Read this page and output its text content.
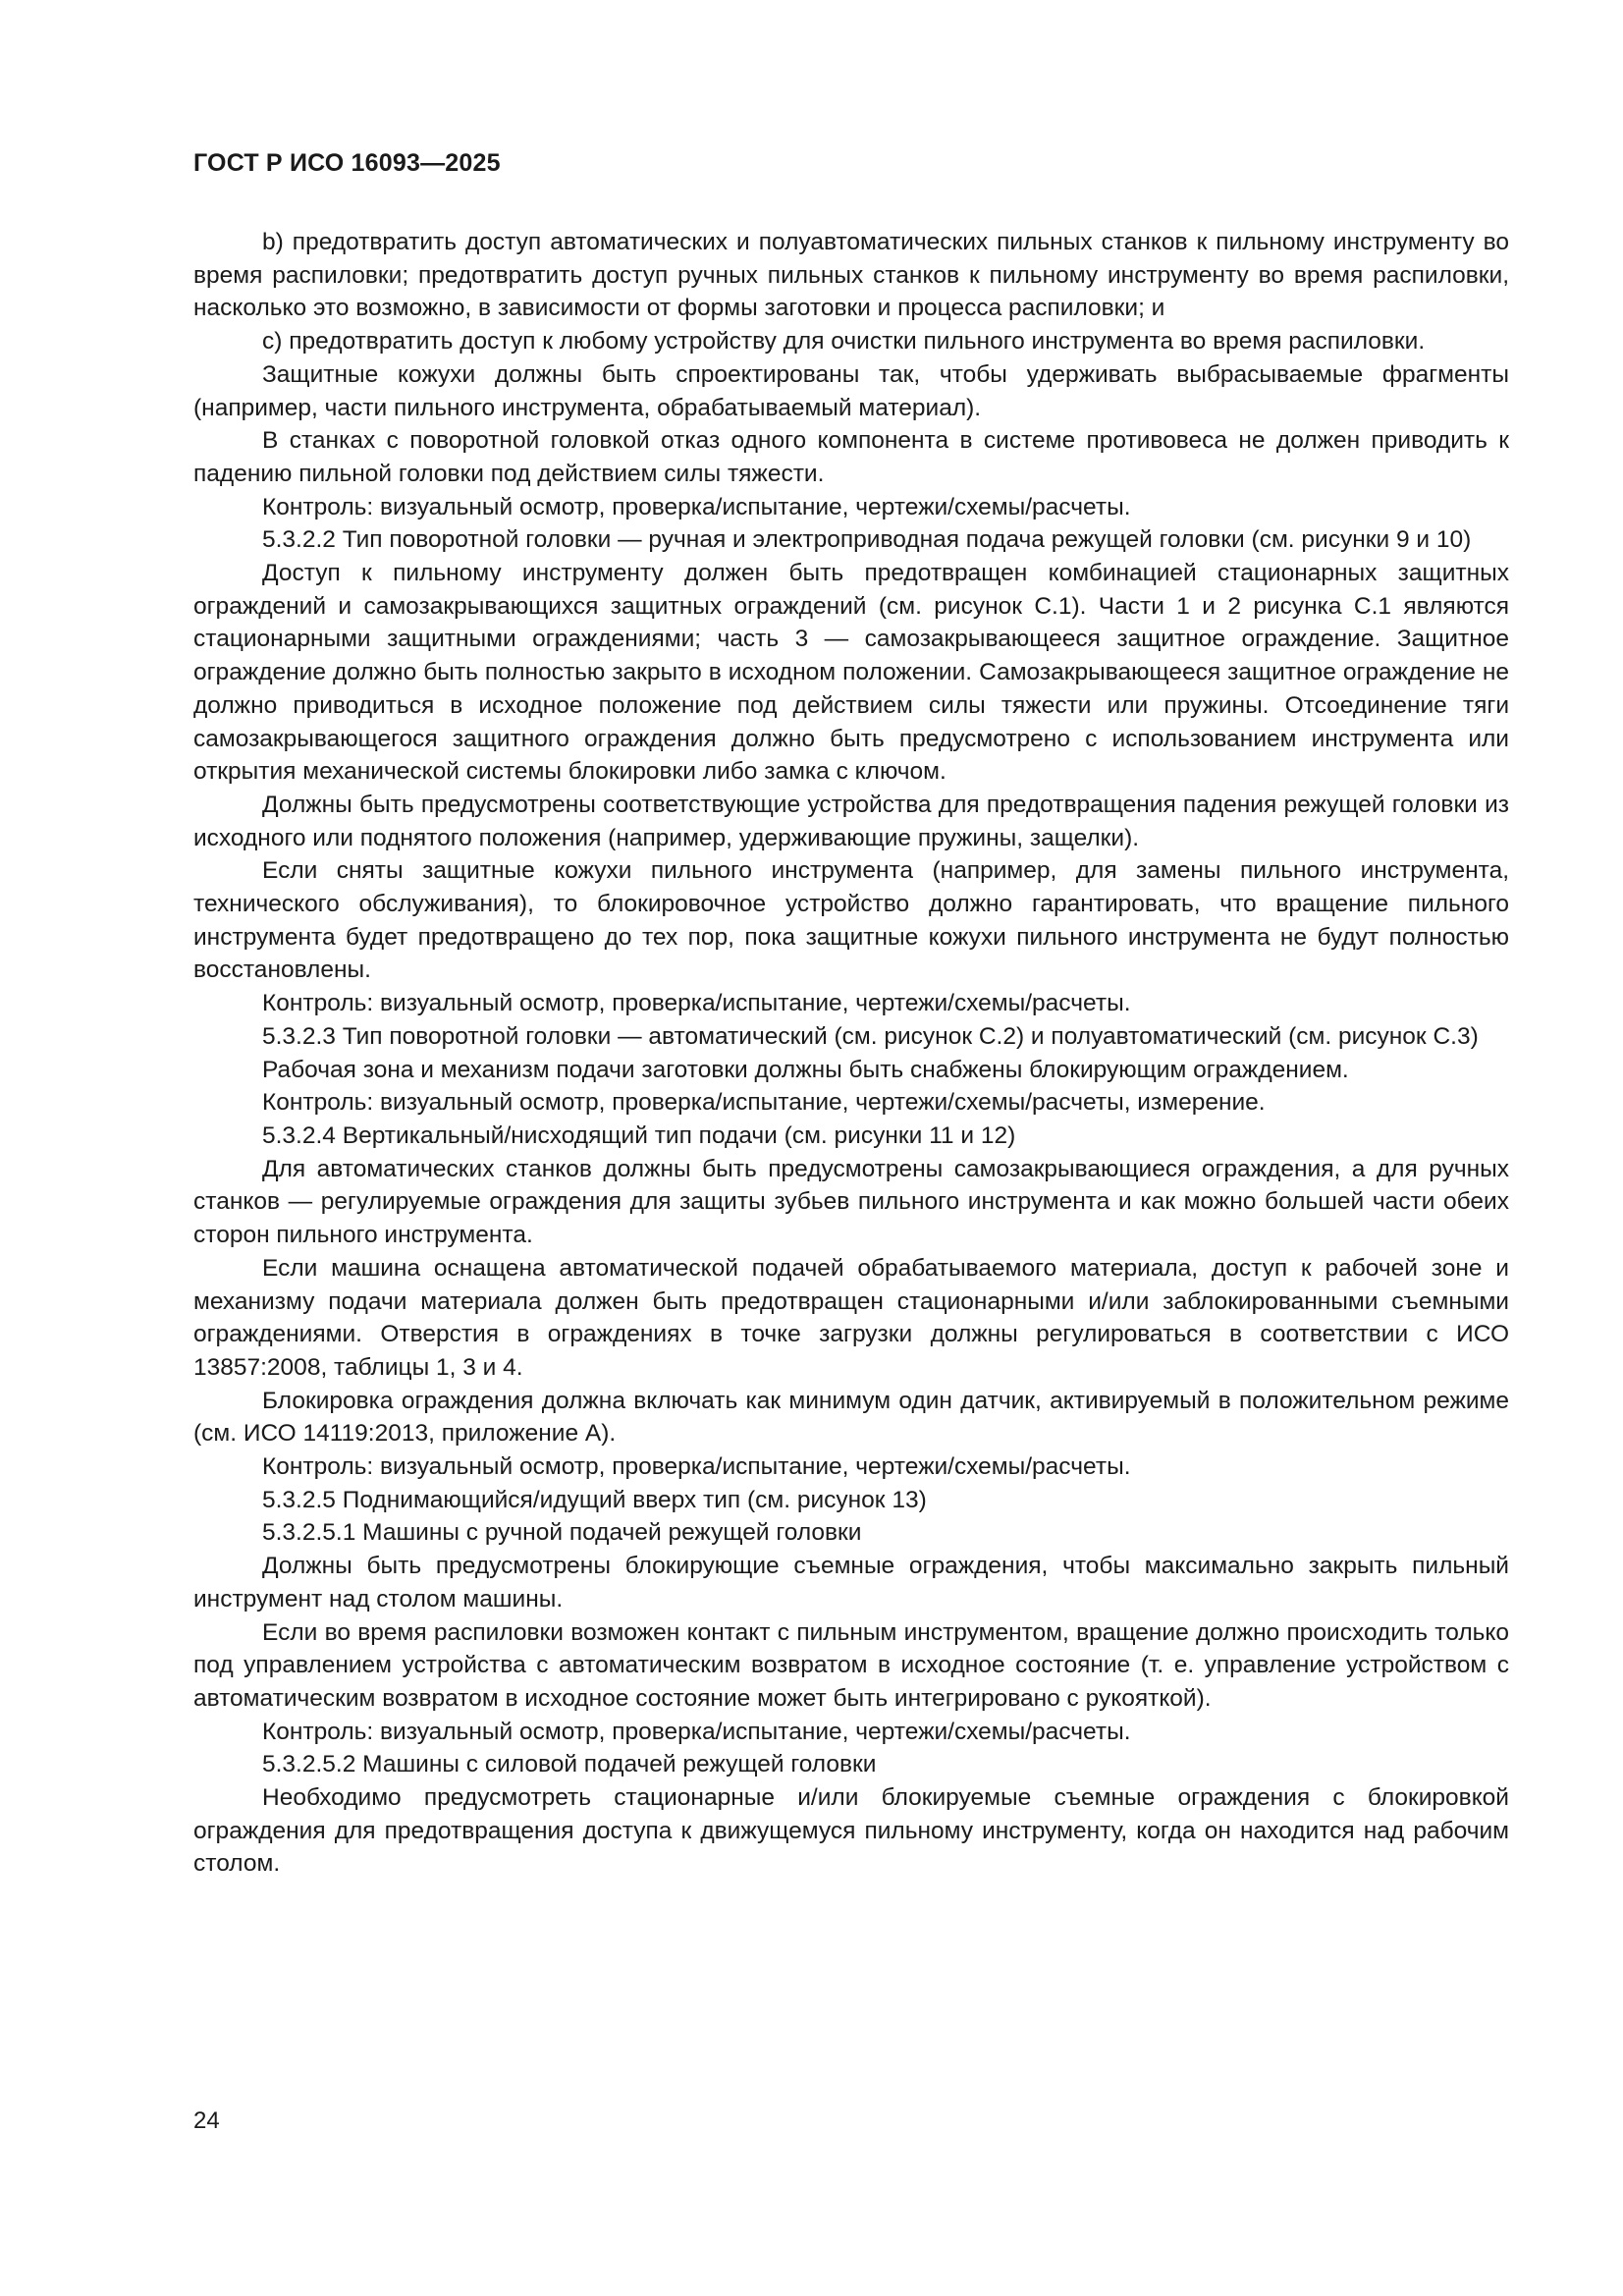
ГОСТ Р ИСО 16093—2025

b) предотвратить доступ автоматических и полуавтоматических пильных станков к пильному инструменту во время распиловки; предотвратить доступ ручных пильных станков к пильному инструменту во время распиловки, насколько это возможно, в зависимости от формы заготовки и процесса распиловки; и

c) предотвратить доступ к любому устройству для очистки пильного инструмента во время распиловки.

Защитные кожухи должны быть спроектированы так, чтобы удерживать выбрасываемые фрагменты (например, части пильного инструмента, обрабатываемый материал).

В станках с поворотной головкой отказ одного компонента в системе противовеса не должен приводить к падению пильной головки под действием силы тяжести.

Контроль: визуальный осмотр, проверка/испытание, чертежи/схемы/расчеты.

5.3.2.2 Тип поворотной головки — ручная и электроприводная подача режущей головки (см. рисунки 9 и 10)

Доступ к пильному инструменту должен быть предотвращен комбинацией стационарных защитных ограждений и самозакрывающихся защитных ограждений (см. рисунок С.1). Части 1 и 2 рисунка С.1 являются стационарными защитными ограждениями; часть 3 — самозакрывающееся защитное ограждение. Защитное ограждение должно быть полностью закрыто в исходном положении. Самозакрывающееся защитное ограждение не должно приводиться в исходное положение под действием силы тяжести или пружины. Отсоединение тяги самозакрывающегося защитного ограждения должно быть предусмотрено с использованием инструмента или открытия механической системы блокировки либо замка с ключом.

Должны быть предусмотрены соответствующие устройства для предотвращения падения режущей головки из исходного или поднятого положения (например, удерживающие пружины, защелки).

Если сняты защитные кожухи пильного инструмента (например, для замены пильного инструмента, технического обслуживания), то блокировочное устройство должно гарантировать, что вращение пильного инструмента будет предотвращено до тех пор, пока защитные кожухи пильного инструмента не будут полностью восстановлены.

Контроль: визуальный осмотр, проверка/испытание, чертежи/схемы/расчеты.

5.3.2.3 Тип поворотной головки — автоматический (см. рисунок С.2) и полуавтоматический (см. рисунок С.3)

Рабочая зона и механизм подачи заготовки должны быть снабжены блокирующим ограждением.

Контроль: визуальный осмотр, проверка/испытание, чертежи/схемы/расчеты, измерение.

5.3.2.4 Вертикальный/нисходящий тип подачи (см. рисунки 11 и 12)

Для автоматических станков должны быть предусмотрены самозакрывающиеся ограждения, а для ручных станков — регулируемые ограждения для защиты зубьев пильного инструмента и как можно большей части обеих сторон пильного инструмента.

Если машина оснащена автоматической подачей обрабатываемого материала, доступ к рабочей зоне и механизму подачи материала должен быть предотвращен стационарными и/или заблокированными съемными ограждениями. Отверстия в ограждениях в точке загрузки должны регулироваться в соответствии с ИСО 13857:2008, таблицы 1, 3 и 4.

Блокировка ограждения должна включать как минимум один датчик, активируемый в положительном режиме (см. ИСО 14119:2013, приложение А).

Контроль: визуальный осмотр, проверка/испытание, чертежи/схемы/расчеты.

5.3.2.5 Поднимающийся/идущий вверх тип (см. рисунок 13)

5.3.2.5.1 Машины с ручной подачей режущей головки

Должны быть предусмотрены блокирующие съемные ограждения, чтобы максимально закрыть пильный инструмент над столом машины.

Если во время распиловки возможен контакт с пильным инструментом, вращение должно происходить только под управлением устройства с автоматическим возвратом в исходное состояние (т. е. управление устройством с автоматическим возвратом в исходное состояние может быть интегрировано с рукояткой).

Контроль: визуальный осмотр, проверка/испытание, чертежи/схемы/расчеты.

5.3.2.5.2 Машины с силовой подачей режущей головки

Необходимо предусмотреть стационарные и/или блокируемые съемные ограждения с блокировкой ограждения для предотвращения доступа к движущемуся пильному инструменту, когда он находится над рабочим столом.

24
